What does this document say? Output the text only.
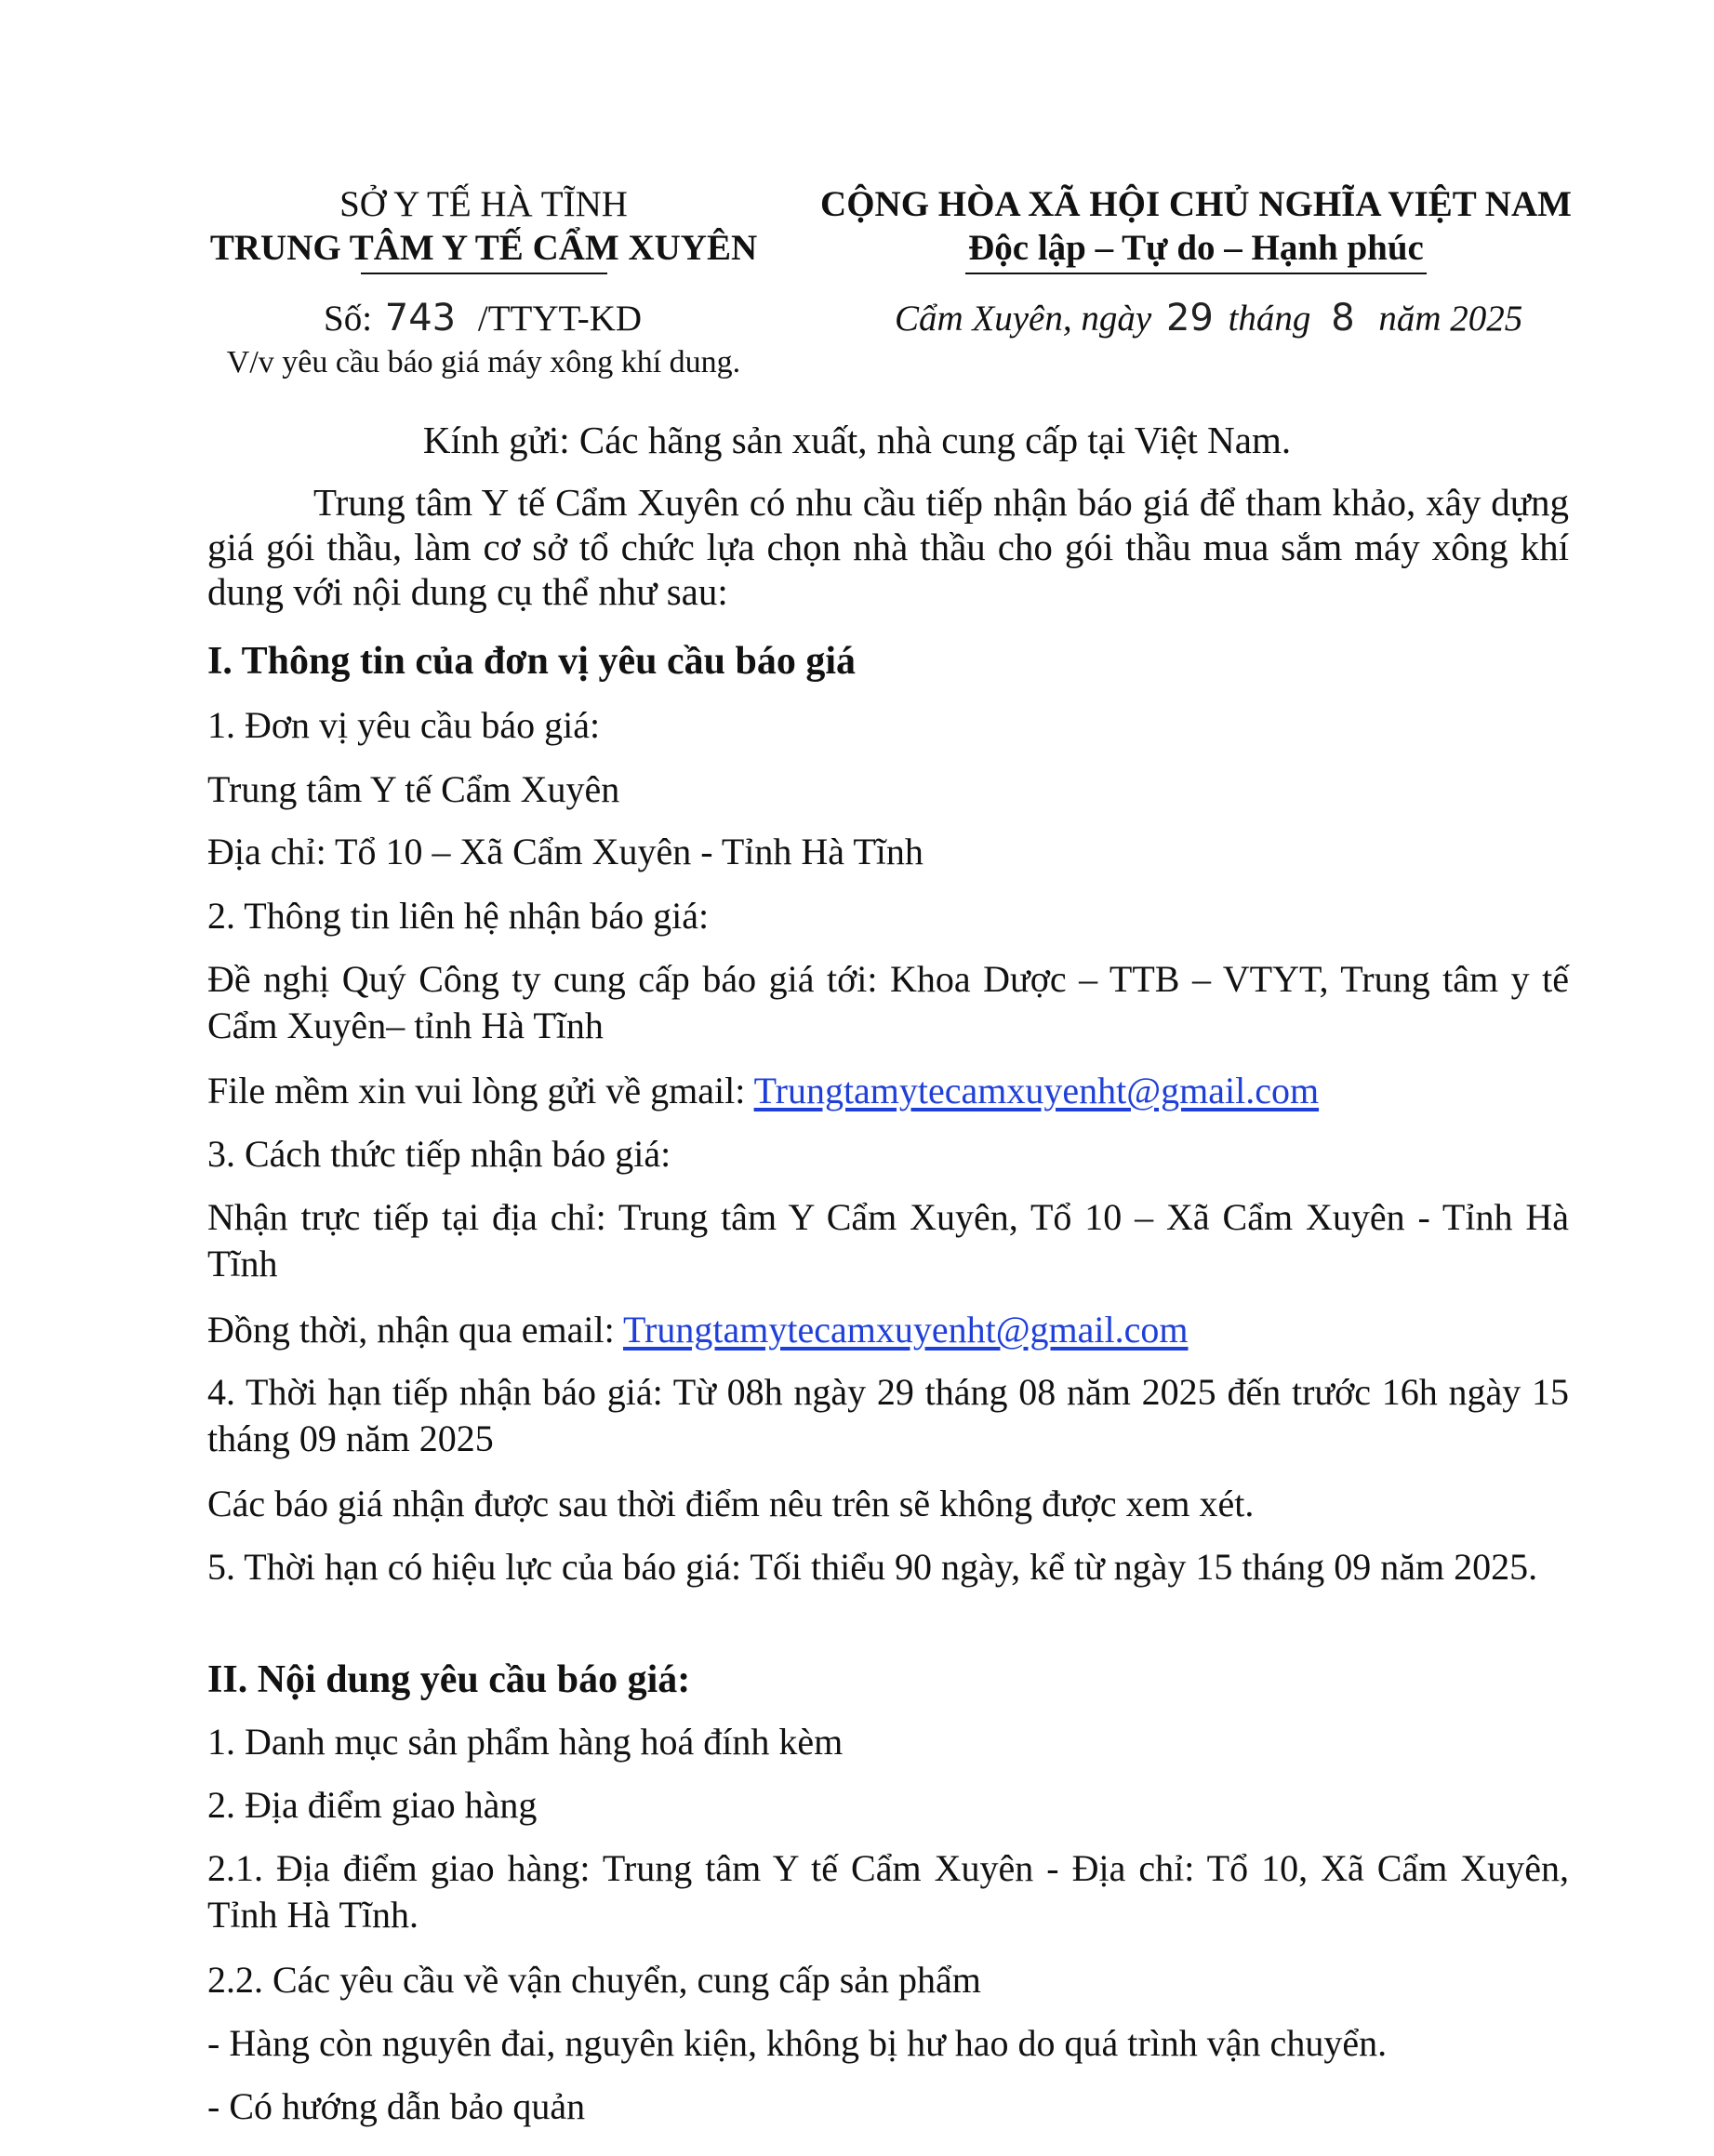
SỞ Y TẾ HÀ TĨNH
TRUNG TÂM Y TẾ CẨM XUYÊN
CỘNG HÒA XÃ HỘI CHỦ NGHĨA VIỆT NAM
Độc lập – Tự do – Hạnh phúc
Số: 743 /TTYT-KD
V/v yêu cầu báo giá máy xông khí dung.
Cẩm Xuyên, ngày 29 tháng 8 năm 2025
Kính gửi: Các hãng sản xuất, nhà cung cấp tại Việt Nam.
Trung tâm Y tế Cẩm Xuyên có nhu cầu tiếp nhận báo giá để tham khảo, xây dựng giá gói thầu, làm cơ sở tổ chức lựa chọn nhà thầu cho gói thầu mua sắm máy xông khí dung với nội dung cụ thể như sau:
I. Thông tin của đơn vị yêu cầu báo giá
1. Đơn vị yêu cầu báo giá:
Trung tâm Y tế Cẩm Xuyên
Địa chỉ: Tổ 10 – Xã Cẩm Xuyên - Tỉnh Hà Tĩnh
2. Thông tin liên hệ nhận báo giá:
Đề nghị Quý Công ty cung cấp báo giá tới: Khoa Dược – TTB – VTYT, Trung tâm y tế Cẩm Xuyên– tỉnh Hà Tĩnh
File mềm xin vui lòng gửi về gmail: Trungtamytecamxuyenht@gmail.com
3. Cách thức tiếp nhận báo giá:
Nhận trực tiếp tại địa chỉ: Trung tâm Y Cẩm Xuyên, Tổ 10 – Xã Cẩm Xuyên - Tỉnh Hà Tĩnh
Đồng thời, nhận qua email: Trungtamytecamxuyenht@gmail.com
4. Thời hạn tiếp nhận báo giá: Từ 08h ngày 29 tháng 08 năm 2025 đến trước 16h ngày 15 tháng 09 năm 2025
Các báo giá nhận được sau thời điểm nêu trên sẽ không được xem xét.
5. Thời hạn có hiệu lực của báo giá: Tối thiểu 90 ngày, kể từ ngày 15 tháng 09 năm 2025.
II. Nội dung yêu cầu báo giá:
1. Danh mục sản phẩm hàng hoá đính kèm
2. Địa điểm giao hàng
2.1. Địa điểm giao hàng: Trung tâm Y tế Cẩm Xuyên - Địa chỉ: Tổ 10, Xã Cẩm Xuyên, Tỉnh Hà Tĩnh.
2.2. Các yêu cầu về vận chuyển, cung cấp sản phẩm
- Hàng còn nguyên đai, nguyên kiện, không bị hư hao do quá trình vận chuyển.
- Có hướng dẫn bảo quản
